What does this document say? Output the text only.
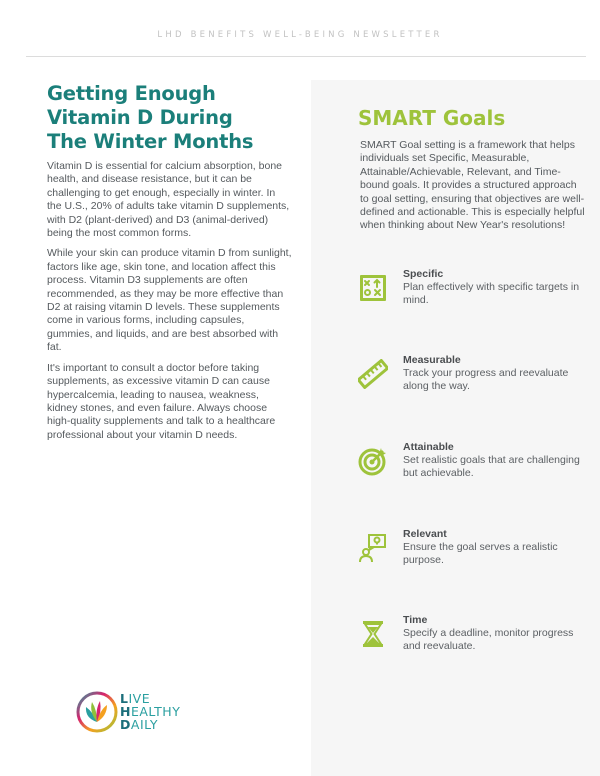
LHD BENEFITS WELL-BEING NEWSLETTER
Getting Enough
Vitamin D During
The Winter Months

Vitamin D is essential for calcium absorption, bone health, and disease resistance, but it can be challenging to get enough, especially in winter. In the U.S., 20% of adults take vitamin D supplements, with D2 (plant-derived) and D3 (animal-derived) being the most common forms.

While your skin can produce vitamin D from sunlight, factors like age, skin tone, and location affect this process. Vitamin D3 supplements are often recommended, as they may be more effective than D2 at raising vitamin D levels. These supplements come in various forms, including capsules, gummies, and liquids, and are best absorbed with fat.

It's important to consult a doctor before taking supplements, as excessive vitamin D can cause hypercalcemia, leading to nausea, weakness, kidney stones, and even failure. Always choose high-quality supplements and talk to a healthcare professional about your vitamin D needs.

SMART Goals

SMART Goal setting is a framework that helps individuals set Specific, Measurable, Attainable/Achievable, Relevant, and Time-bound goals. It provides a structured approach to goal setting, ensuring that objectives are well-defined and actionable. This is especially helpful when thinking about New Year's resolutions!

Specific
Plan effectively with specific targets in mind.
Measurable
Track your progress and reevaluate along the way.
Attainable
Set realistic goals that are challenging but achievable.
Relevant
Ensure the goal serves a realistic purpose.
Time
Specify a deadline, monitor progress and reevaluate.
LIVE
HEALTHY
DAILY
